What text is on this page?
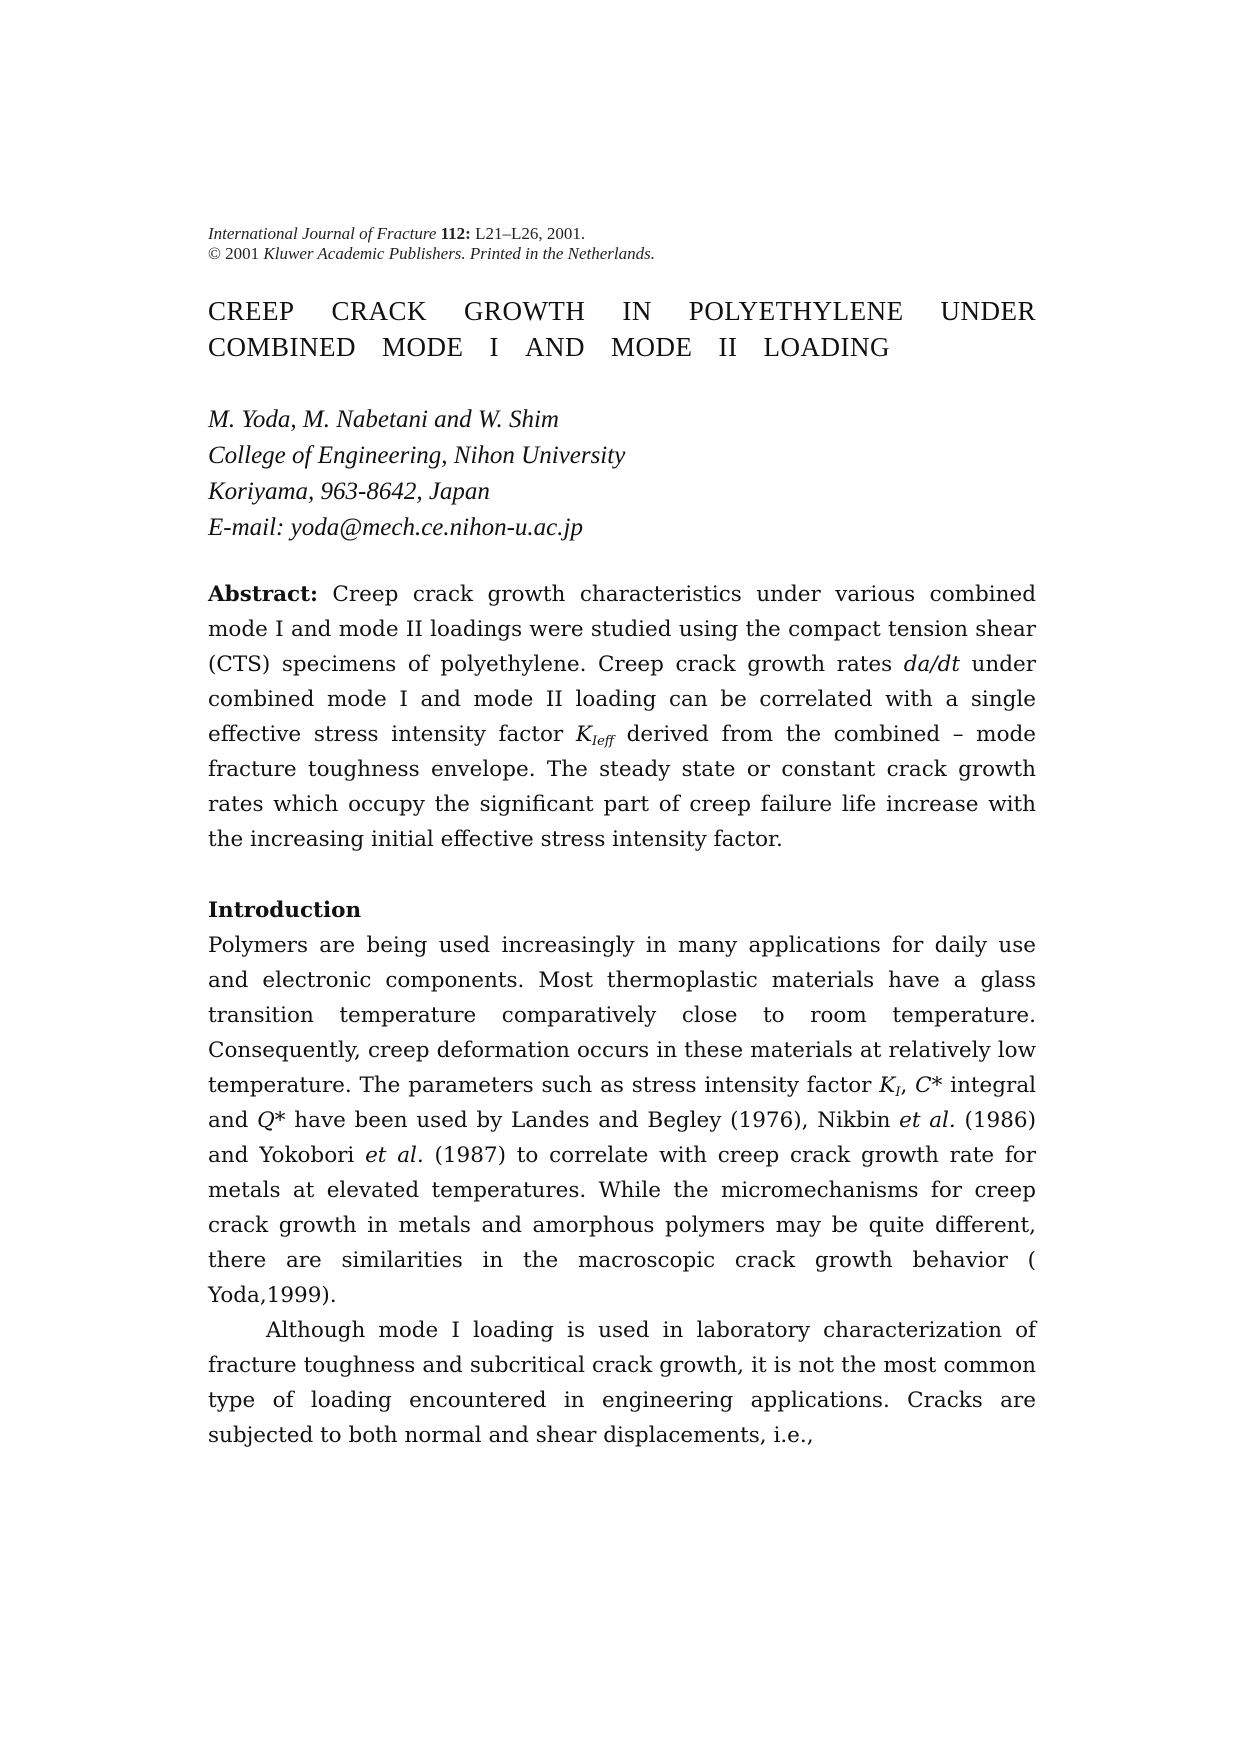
International Journal of Fracture 112: L21–L26, 2001.
© 2001 Kluwer Academic Publishers. Printed in the Netherlands.
CREEP CRACK GROWTH IN POLYETHYLENE UNDER
COMBINED MODE I AND MODE II LOADING
M. Yoda, M. Nabetani and W. Shim
College of Engineering, Nihon University
Koriyama, 963-8642, Japan
E-mail: yoda@mech.ce.nihon-u.ac.jp
Abstract: Creep crack growth characteristics under various combined mode I and mode II loadings were studied using the compact tension shear (CTS) specimens of polyethylene. Creep crack growth rates da/dt under combined mode I and mode II loading can be correlated with a single effective stress intensity factor $K_{Ieff}$ derived from the combined – mode fracture toughness envelope. The steady state or constant crack growth rates which occupy the significant part of creep failure life increase with the increasing initial effective stress intensity factor.
Introduction
Polymers are being used increasingly in many applications for daily use and electronic components. Most thermoplastic materials have a glass transition temperature comparatively close to room temperature. Consequently, creep deformation occurs in these materials at relatively low temperature. The parameters such as stress intensity factor $K_I$, C* integral and Q* have been used by Landes and Begley (1976), Nikbin et al. (1986) and Yokobori et al. (1987) to correlate with creep crack growth rate for metals at elevated temperatures. While the micromechanisms for creep crack growth in metals and amorphous polymers may be quite different, there are similarities in the macroscopic crack growth behavior ( Yoda,1999).
Although mode I loading is used in laboratory characterization of fracture toughness and subcritical crack growth, it is not the most common type of loading encountered in engineering applications. Cracks are subjected to both normal and shear displacements, i.e.,
